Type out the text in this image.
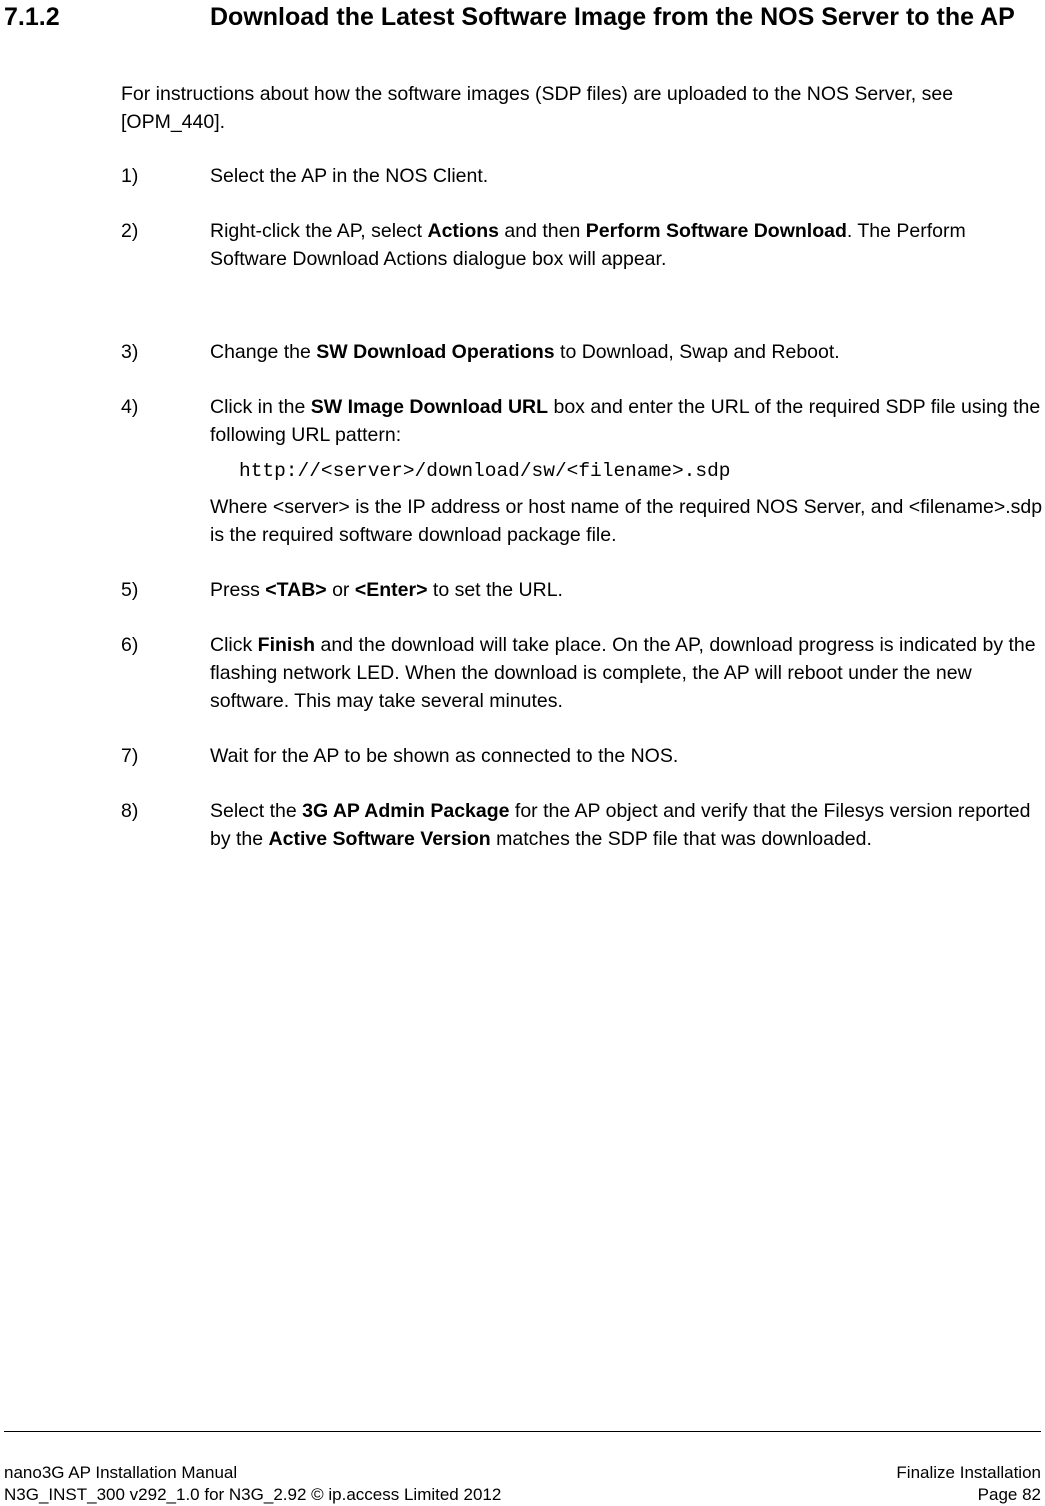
7.1.2	Download the Latest Software Image from the NOS Server to the AP
For instructions about how the software images (SDP files) are uploaded to the NOS Server, see [OPM_440].
1)	Select the AP in the NOS Client.

2)	Right-click the AP, select Actions and then Perform Software Download. The Perform Software Download Actions dialogue box will appear.

3)	Change the SW Download Operations to Download, Swap and Reboot.

4)	Click in the SW Image Download URL box and enter the URL of the required SDP file using the following URL pattern:

http://<server>/download/sw/<filename>.sdp

Where <server> is the IP address or host name of the required NOS Server, and <filename>.sdp is the required software download package file.

5)	Press <TAB> or <Enter> to set the URL.

6)	Click Finish and the download will take place. On the AP, download progress is indicated by the flashing network LED. When the download is complete, the AP will reboot under the new software. This may take several minutes.

7)	Wait for the AP to be shown as connected to the NOS.

8)	Select the 3G AP Admin Package for the AP object and verify that the Filesys version reported by the Active Software Version matches the SDP file that was downloaded.

nano3G AP Installation Manual	Finalize Installation
N3G_INST_300 v292_1.0 for N3G_2.92 © ip.access Limited 2012	Page 82
